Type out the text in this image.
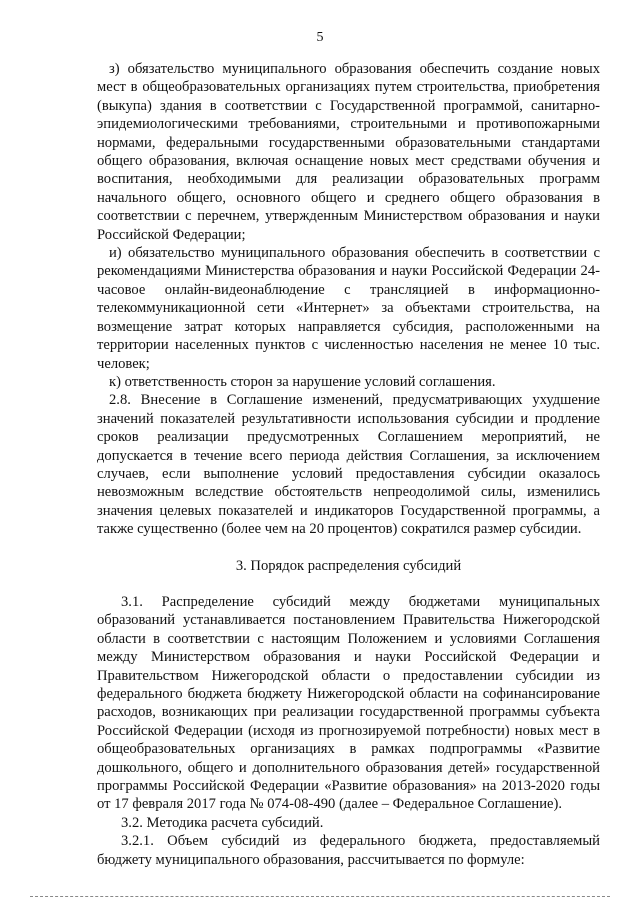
5

з) обязательство муниципального образования обеспечить создание новых мест в общеобразовательных организациях путем строительства, приобретения (выкупа) здания в соответствии с Государственной программой, санитарно-эпидемиологическими требованиями, строительными и противопожарными нормами, федеральными государственными образовательными стандартами общего образования, включая оснащение новых мест средствами обучения и воспитания, необходимыми для реализации образовательных программ начального общего, основного общего и среднего общего образования в соответствии с перечнем, утвержденным Министерством образования и науки Российской Федерации;

и) обязательство муниципального образования обеспечить в соответствии с рекомендациями Министерства образования и науки Российской Федерации 24-часовое онлайн-видеонаблюдение с трансляцией в информационно-телекоммуникационной сети «Интернет» за объектами строительства, на возмещение затрат которых направляется субсидия, расположенными на территории населенных пунктов с численностью населения не менее 10 тыс. человек;

к) ответственность сторон за нарушение условий соглашения.

2.8. Внесение в Соглашение изменений, предусматривающих ухудшение значений показателей результативности использования субсидии и продление сроков реализации предусмотренных Соглашением мероприятий, не допускается в течение всего периода действия Соглашения, за исключением случаев, если выполнение условий предоставления субсидии оказалось невозможным вследствие обстоятельств непреодолимой силы, изменились значения целевых показателей и индикаторов Государственной программы, а также существенно (более чем на 20 процентов) сократился размер субсидии.

3. Порядок распределения субсидий

3.1. Распределение субсидий между бюджетами муниципальных образований устанавливается постановлением Правительства Нижегородской области в соответствии с настоящим Положением и условиями Соглашения между Министерством образования и науки Российской Федерации и Правительством Нижегородской области о предоставлении субсидии из федерального бюджета бюджету Нижегородской области на софинансирование расходов, возникающих при реализации государственной программы субъекта Российской Федерации (исходя из прогнозируемой потребности) новых мест в общеобразовательных организациях в рамках подпрограммы «Развитие дошкольного, общего и дополнительного образования детей» государственной программы Российской Федерации «Развитие образования» на 2013-2020 годы от 17 февраля 2017 года № 074-08-490 (далее – Федеральное Соглашение).

3.2. Методика расчета субсидий.

3.2.1. Объем субсидий из федерального бюджета, предоставляемый бюджету муниципального образования, рассчитывается по формуле:
